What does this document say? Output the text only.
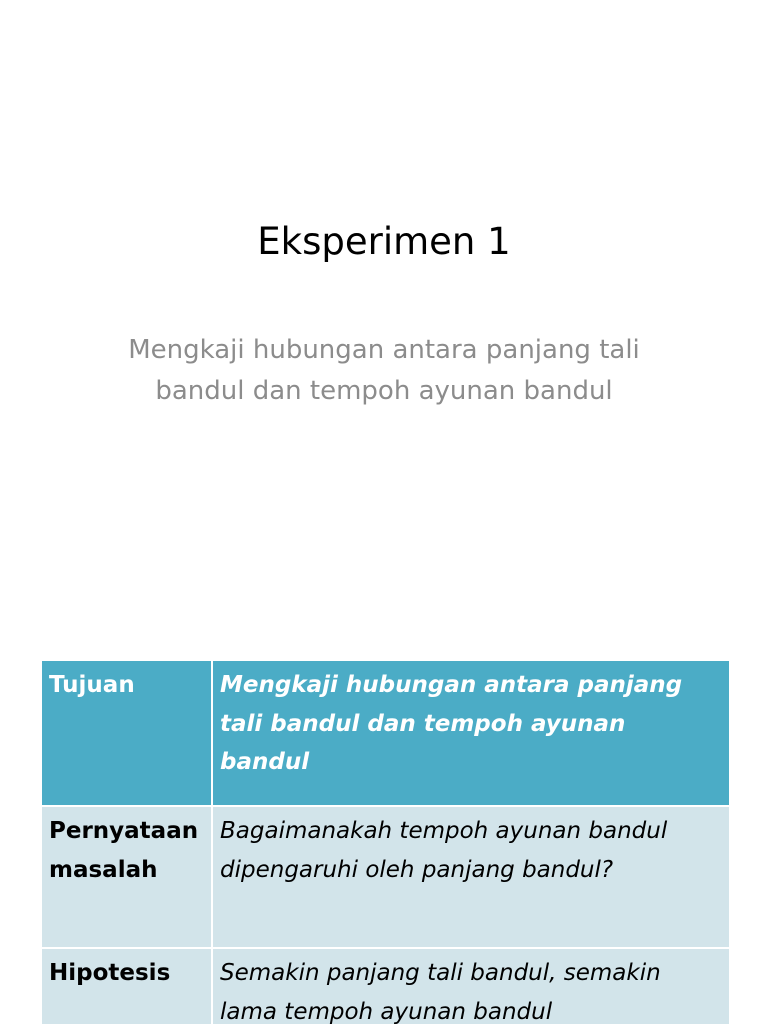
Eksperimen 1
Mengkaji hubungan antara panjang tali bandul dan tempoh ayunan bandul
Tujuan	Mengkaji hubungan antara panjang tali bandul dan tempoh ayunan bandul
Pernyataan masalah	Bagaimanakah tempoh ayunan bandul dipengaruhi oleh panjang bandul?
Hipotesis	Semakin panjang tali bandul, semakin lama tempoh ayunan bandul
